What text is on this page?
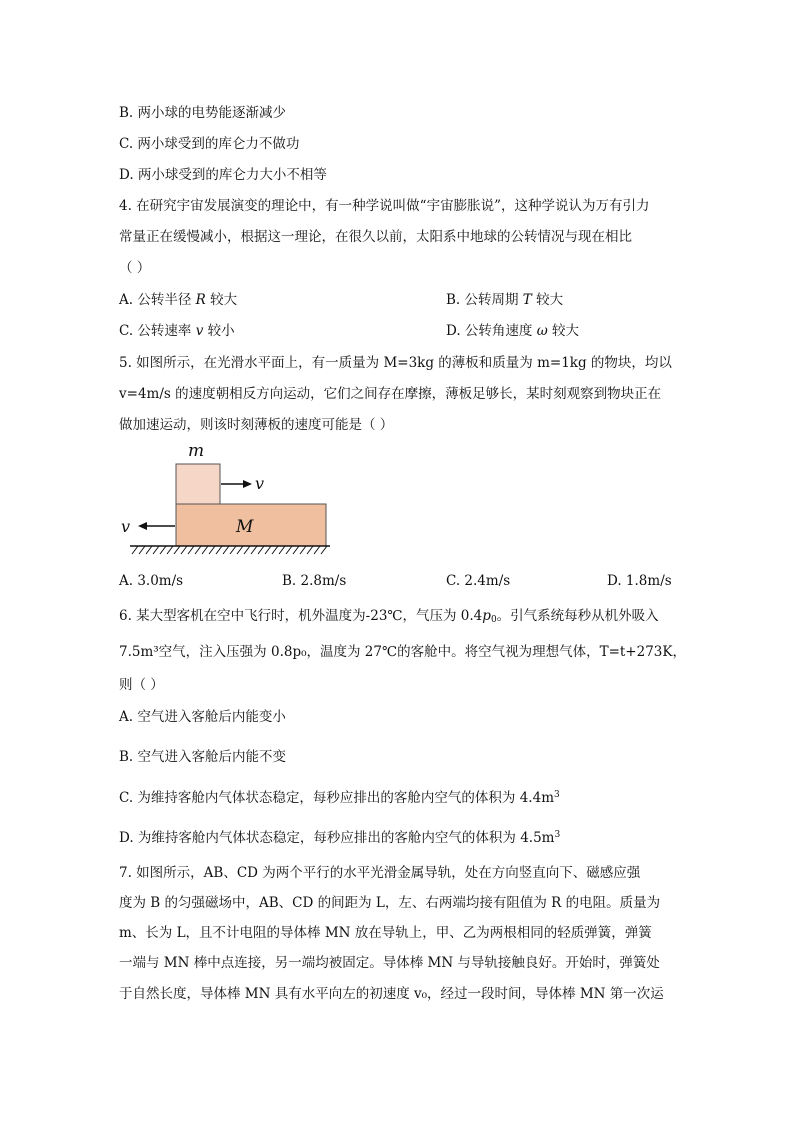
B. 两小球的电势能逐渐减少
C. 两小球受到的库仑力不做功
D. 两小球受到的库仑力大小不相等
4. 在研究宇宙发展演变的理论中，有一种学说叫做“宇宙膨胀说”，这种学说认为万有引力
常量正在缓慢减小，根据这一理论，在很久以前，太阳系中地球的公转情况与现在相比
（ ）
A. 公转半径 R 较大	B. 公转周期 T 较大
C. 公转速率 v 较小	D. 公转角速度 ω 较大
5. 如图所示，在光滑水平面上，有一质量为 M=3kg 的薄板和质量为 m=1kg 的物块，均以
v=4m/s 的速度朝相反方向运动，它们之间存在摩擦，薄板足够长，某时刻观察到物块正在
做加速运动，则该时刻薄板的速度可能是（ ）
m
v
M
v
A. 3.0m/s	B. 2.8m/s	C. 2.4m/s	D. 1.8m/s
6. 某大型客机在空中飞行时，机外温度为-23℃，气压为 $0.4p_0$。引气系统每秒从机外吸入
7.5m³空气，注入压强为 0.8p₀，温度为 27℃的客舱中。将空气视为理想气体，T=t+273K，
则（ ）
A. 空气进入客舱后内能变小
B. 空气进入客舱后内能不变
C. 为维持客舱内气体状态稳定，每秒应排出的客舱内空气的体积为 $4.4m^3$
D. 为维持客舱内气体状态稳定，每秒应排出的客舱内空气的体积为 $4.5m^3$
7. 如图所示，AB、CD 为两个平行的水平光滑金属导轨，处在方向竖直向下、磁感应强
度为 B 的匀强磁场中，AB、CD 的间距为 L，左、右两端均接有阻值为 R 的电阻。质量为
m、长为 L，且不计电阻的导体棒 MN 放在导轨上，甲、乙为两根相同的轻质弹簧，弹簧
一端与 MN 棒中点连接，另一端均被固定。导体棒 MN 与导轨接触良好。开始时，弹簧处
于自然长度，导体棒 MN 具有水平向左的初速度 v₀，经过一段时间，导体棒 MN 第一次运
